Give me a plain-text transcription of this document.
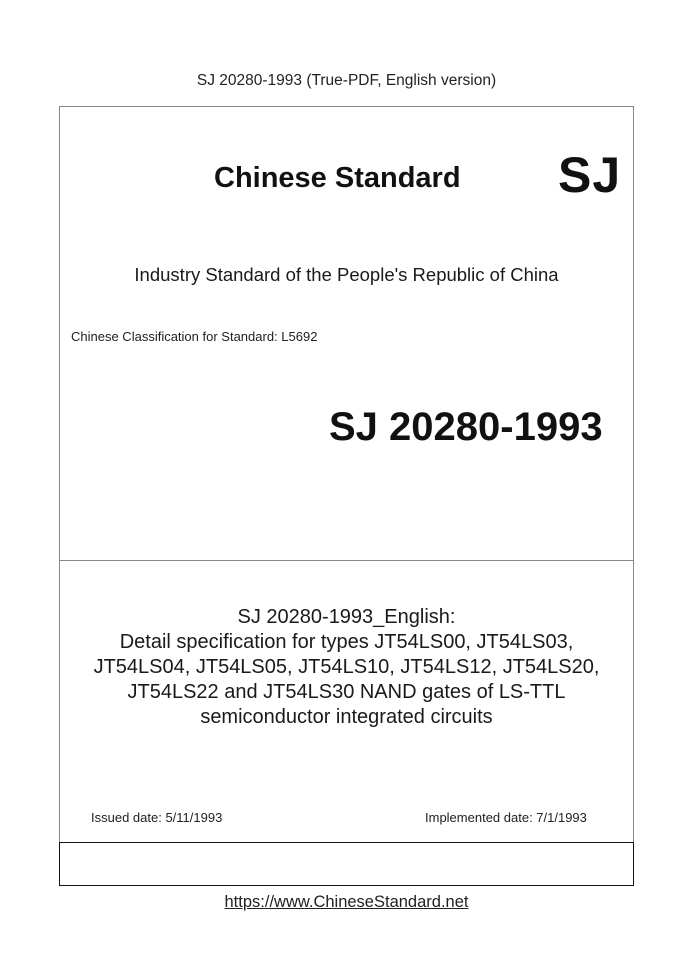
SJ 20280-1993 (True-PDF, English version)
Chinese Standard SJ
Industry Standard of the People's Republic of China
Chinese Classification for Standard: L5692
SJ 20280-1993
SJ 20280-1993_English:
Detail specification for types JT54LS00, JT54LS03,
JT54LS04, JT54LS05, JT54LS10, JT54LS12, JT54LS20,
JT54LS22 and JT54LS30 NAND gates of LS-TTL
semiconductor integrated circuits
Issued date: 5/11/1993	Implemented date: 7/1/1993
https://www.ChineseStandard.net
